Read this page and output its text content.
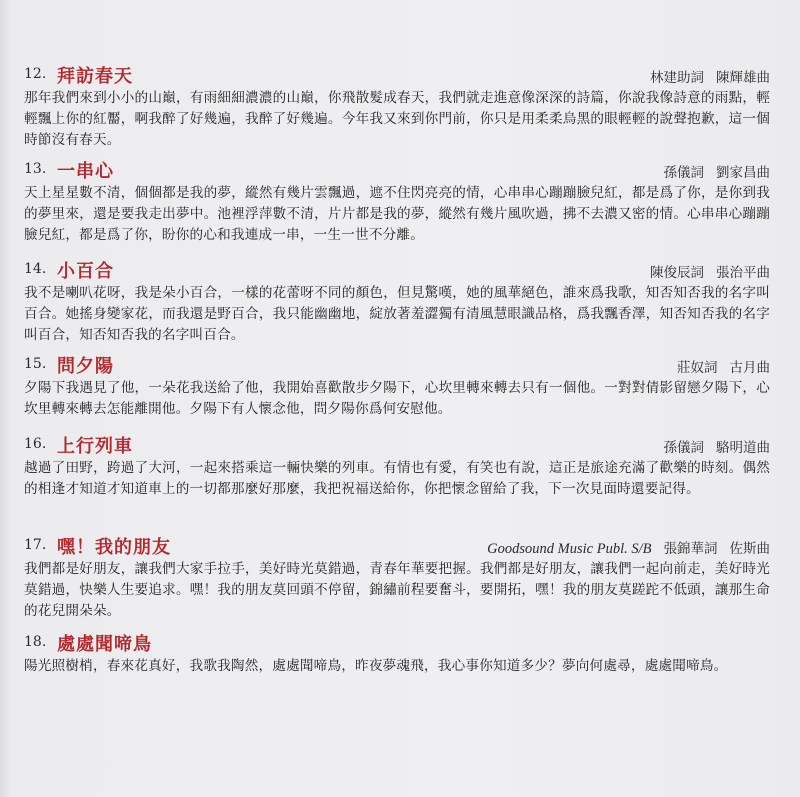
12. 拜訪春天	林建助詞 陳輝雄曲

那年我們來到小小的山巔，有雨細細濃濃的山巔，你飛散髮成春天，我們就走進意像深深的詩篇，你說我像詩意的雨點，輕輕飄上你的紅靨，啊我醉了好幾遍，我醉了好幾遍。今年我又來到你門前，你只是用柔柔烏黑的眼輕輕的說聲抱歉，這一個時節沒有春天。

13. 一串心	孫儀詞 劉家昌曲

天上星星數不清，個個都是我的夢，縱然有幾片雲飄過，遮不住閃亮亮的情，心串串心蹦蹦臉兒紅，都是爲了你，是你到我的夢里來，還是要我走出夢中。池裡浮萍數不清，片片都是我的夢，縱然有幾片風吹過，拂不去濃又密的情。心串串心蹦蹦臉兒紅，都是爲了你，盼你的心和我連成一串，一生一世不分離。

14. 小百合	陳俊辰詞 張治平曲

我不是喇叭花呀，我是朵小百合，一樣的花蕾呀不同的顏色，但見驚嘆，她的風華絕色，誰來爲我歌，知否知否我的名字叫百合。她搖身變家花，而我還是野百合，我只能幽幽地，綻放著羞澀獨有清風慧眼識品格，爲我飄香澤，知否知否我的名字叫百合，知否知否我的名字叫百合。

15. 問夕陽	莊奴詞 古月曲

夕陽下我遇見了他，一朵花我送給了他，我開始喜歡散步夕陽下，心坎里轉來轉去只有一個他。一對對倩影留戀夕陽下，心坎里轉來轉去怎能離開他。夕陽下有人懷念他，問夕陽你爲何安慰他。

16. 上行列車	孫儀詞 駱明道曲

越過了田野，跨過了大河，一起來搭乘這一輛快樂的列車。有情也有愛，有笑也有說，這正是旅途充滿了歡樂的時刻。偶然的相逢才知道才知道車上的一切都那麼好那麼，我把祝福送給你，你把懷念留給了我，下一次見面時還要記得。

17. 嘿！我的朋友	Goodsound Music Publ. S/B 張錦華詞 佐斯曲

我們都是好朋友，讓我們大家手拉手，美好時光莫錯過，青春年華要把握。我們都是好朋友，讓我們一起向前走，美好時光莫錯過，快樂人生要追求。嘿！我的朋友莫回頭不停留，錦繡前程要奮斗，要開拓，嘿！我的朋友莫蹉跎不低頭，讓那生命的花兒開朵朵。

18. 處處聞啼鳥

陽光照樹梢，春來花真好，我歌我陶然，處處聞啼鳥，昨夜夢魂飛，我心事你知道多少？夢向何處尋，處處聞啼鳥。
